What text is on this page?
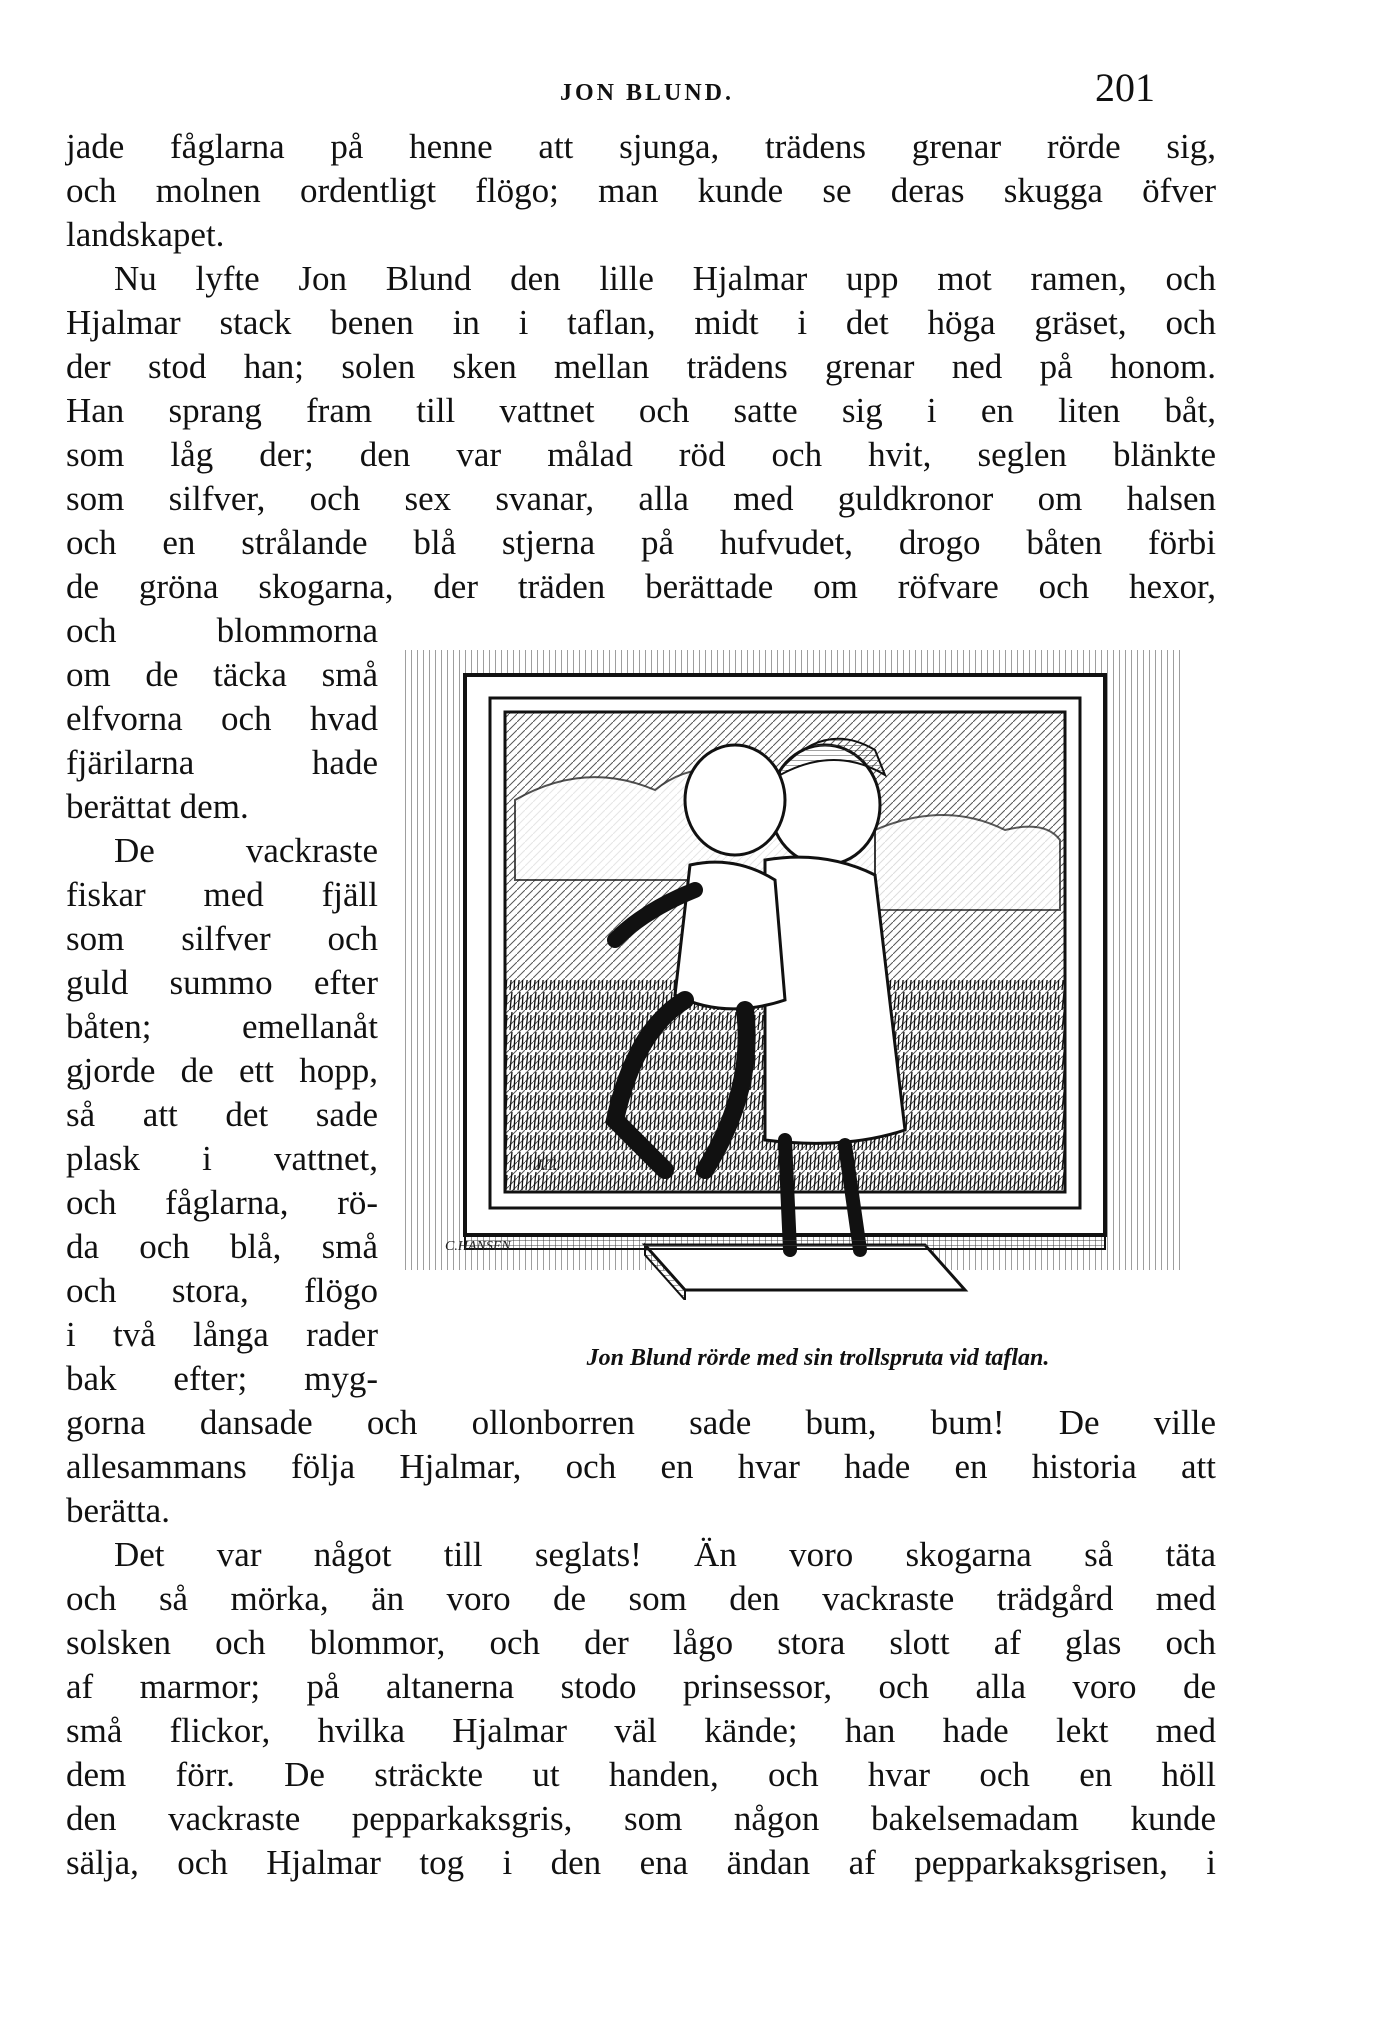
JON BLUND.	201
jade fåglarna på henne att sjunga, trädens grenar rörde sig,
och molnen ordentligt flögo; man kunde se deras skugga öfver
landskapet.
Nu lyfte Jon Blund den lille Hjalmar upp mot ramen, och
Hjalmar stack benen in i taflan, midt i det höga gräset, och
der stod han; solen sken mellan trädens grenar ned på honom.
Han sprang fram till vattnet och satte sig i en liten båt,
som låg der; den var målad röd och hvit, seglen blänkte
som silfver, och sex svanar, alla med guldkronor om halsen
och en strålande blå stjerna på hufvudet, drogo båten förbi
de gröna skogarna, der träden berättade om röfvare och hexor,
och blommorna
om de täcka små
elfvorna och hvad
fjärilarna hade
berättat dem.
De vackraste
fiskar med fjäll
som silfver och
guld summo efter
båten; emellanåt
gjorde de ett hopp,
så att det sade
plask i vattnet,
och fåglarna, rö-
da och blå, små
och stora, flögo
i två långa rader
bak efter; myg-
gorna dansade och ollonborren sade bum, bum! De ville
allesammans följa Hjalmar, och en hvar hade en historia att
berätta.
Det var något till seglats! Än voro skogarna så täta
och så mörka, än voro de som den vackraste trädgård med
solsken och blommor, och der lågo stora slott af glas och
af marmor; på altanerna stodo prinsessor, och alla voro de
små flickor, hvilka Hjalmar väl kände; han hade lekt med
dem förr. De sträckte ut handen, och hvar och en höll
den vackraste pepparkaksgris, som någon bakelsemadam kunde
sälja, och Hjalmar tog i den ena ändan af pepparkaksgrisen, i
C.HANSEN
J.T.
Jon Blund rörde med sin trollspruta vid taflan.
